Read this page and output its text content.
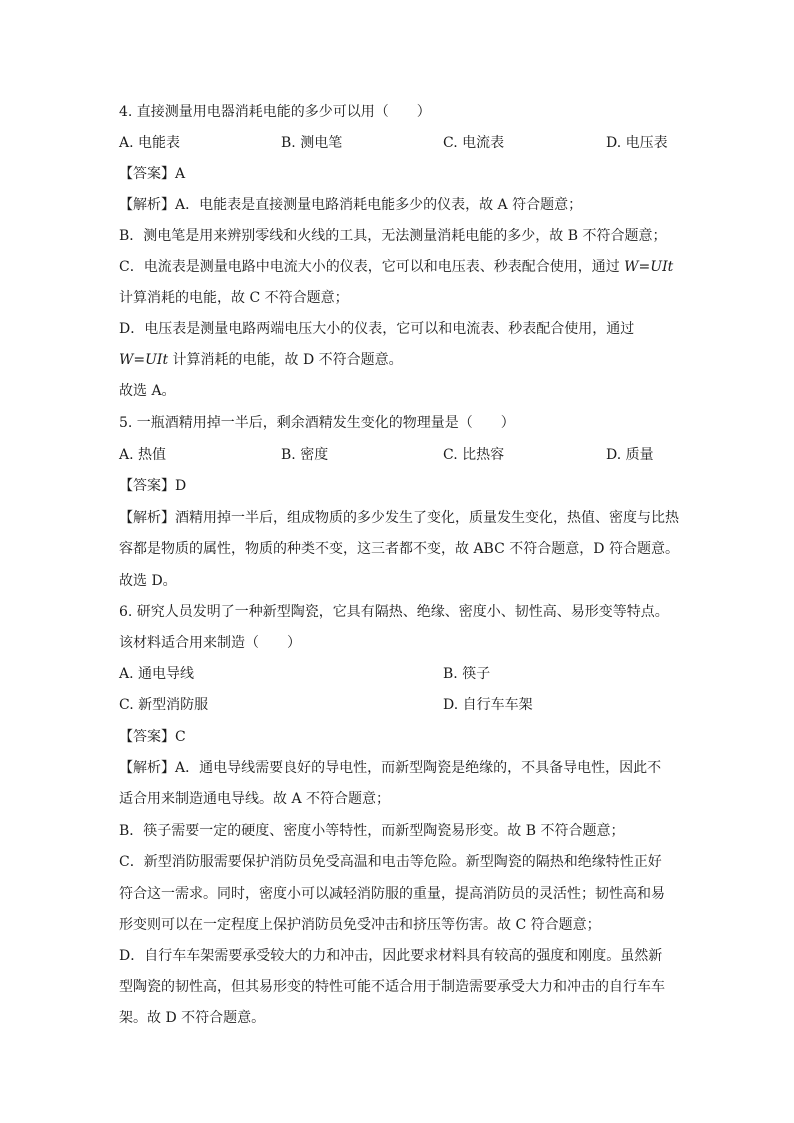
4. 直接测量用电器消耗电能的多少可以用（　　）
A. 电能表	B. 测电笔	C. 电流表	D. 电压表
【答案】A
【解析】A．电能表是直接测量电路消耗电能多少的仪表，故 A 符合题意；
B．测电笔是用来辨别零线和火线的工具，无法测量消耗电能的多少，故 B 不符合题意；
C．电流表是测量电路中电流大小的仪表，它可以和电压表、秒表配合使用，通过 W=UIt
计算消耗的电能，故 C 不符合题意；
D．电压表是测量电路两端电压大小的仪表，它可以和电流表、秒表配合使用，通过
W=UIt 计算消耗的电能，故 D 不符合题意。
故选 A。
5. 一瓶酒精用掉一半后，剩余酒精发生变化的物理量是（　　）
A. 热值	B. 密度	C. 比热容	D. 质量
【答案】D
【解析】酒精用掉一半后，组成物质的多少发生了变化，质量发生变化，热值、密度与比热
容都是物质的属性，物质的种类不变，这三者都不变，故 ABC 不符合题意，D 符合题意。
故选 D。
6. 研究人员发明了一种新型陶瓷，它具有隔热、绝缘、密度小、韧性高、易形变等特点。
该材料适合用来制造（　　）
A. 通电导线	B. 筷子
C. 新型消防服	D. 自行车车架
【答案】C
【解析】A．通电导线需要良好的导电性，而新型陶瓷是绝缘的，不具备导电性，因此不
适合用来制造通电导线。故 A 不符合题意；
B．筷子需要一定的硬度、密度小等特性，而新型陶瓷易形变。故 B 不符合题意；
C．新型消防服需要保护消防员免受高温和电击等危险。新型陶瓷的隔热和绝缘特性正好
符合这一需求。同时，密度小可以减轻消防服的重量，提高消防员的灵活性；韧性高和易
形变则可以在一定程度上保护消防员免受冲击和挤压等伤害。故 C 符合题意；
D．自行车车架需要承受较大的力和冲击，因此要求材料具有较高的强度和刚度。虽然新
型陶瓷的韧性高，但其易形变的特性可能不适合用于制造需要承受大力和冲击的自行车车
架。故 D 不符合题意。
